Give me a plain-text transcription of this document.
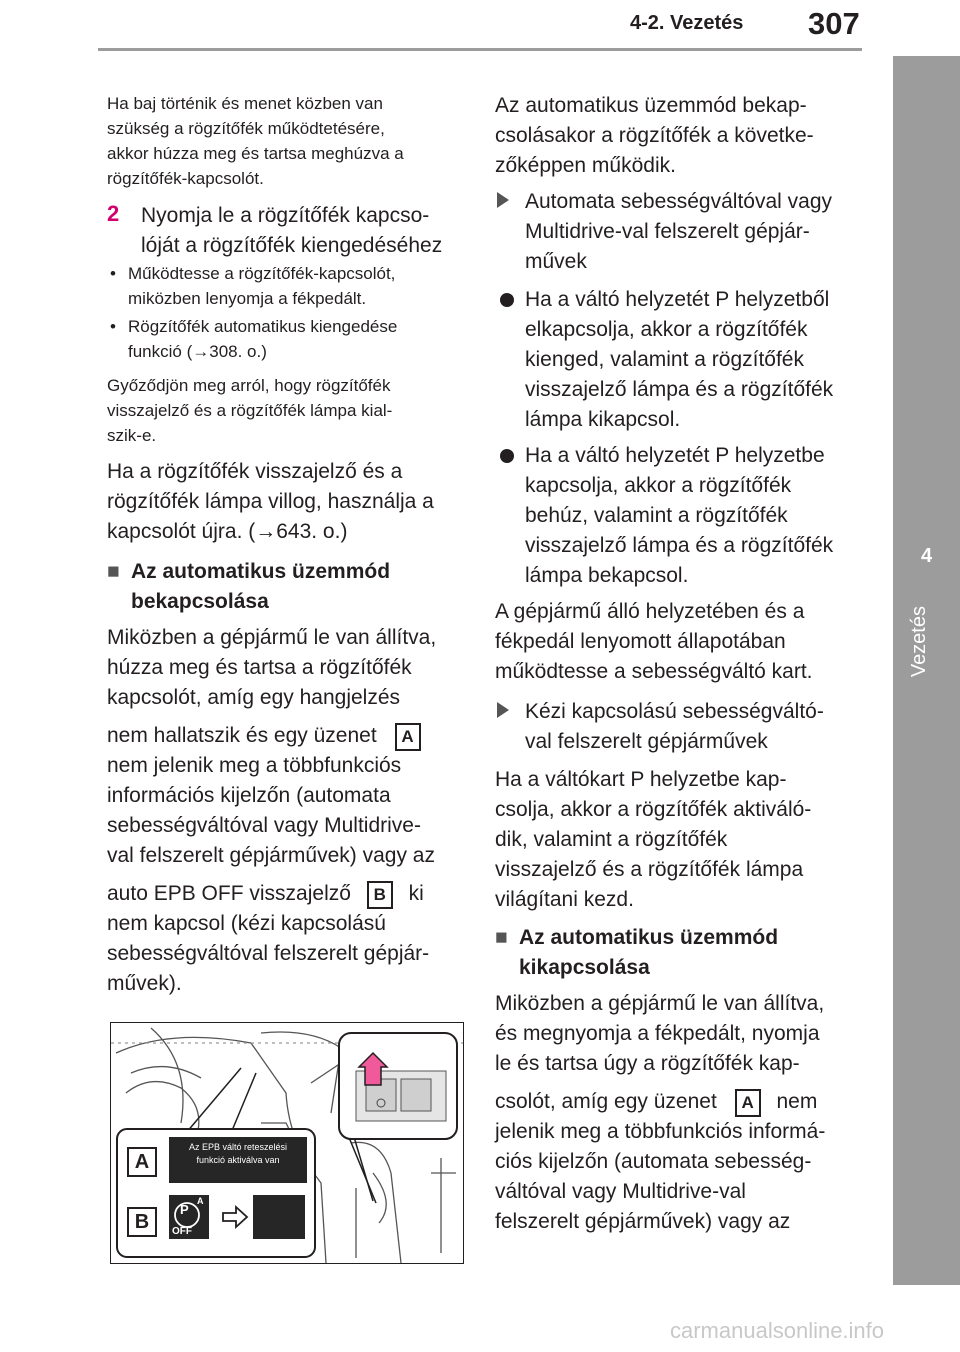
4-2. Vezetés 307
4
Vezetés
Ha baj történik és menet közben van
szükség a rögzítőfék működtetésére,
akkor húzza meg és tartsa meghúzva a
rögzítőfék-kapcsolót.
2 Nyomja le a rögzítőfék kapcso-
lóját a rögzítőfék kiengedéséhez
• Működtesse a rögzítőfék-kapcsolót,
miközben lenyomja a fékpedált.
• Rögzítőfék automatikus kiengedése
funkció (→308. o.)
Győződjön meg arról, hogy rögzítőfék
visszajelző és a rögzítőfék lámpa kial-
szik-e.
Ha a rögzítőfék visszajelző és a
rögzítőfék lámpa villog, használja a
kapcsolót újra. (→643. o.)
■ Az automatikus üzemmód
bekapcsolása
Miközben a gépjármű le van állítva,
húzza meg és tartsa a rögzítőfék
kapcsolót, amíg egy hangjelzés
nem hallatszik és egy üzenet A
nem jelenik meg a többfunkciós
információs kijelzőn (automata
sebességváltóval vagy Multidrive-
val felszerelt gépjárművek) vagy az
auto EPB OFF visszajelző B ki
nem kapcsol (kézi kapcsolású
sebességváltóval felszerelt gépjár-
művek).
Az EPB váltó reteszelési
funkció aktiválva van
P
A
OFF
A
B
Az automatikus üzemmód bekap-
csolásakor a rögzítőfék a követke-
zőképpen működik.
Automata sebességváltóval vagy
Multidrive-val felszerelt gépjár-
művek
Ha a váltó helyzetét P helyzetből
elkapcsolja, akkor a rögzítőfék
kienged, valamint a rögzítőfék
visszajelző lámpa és a rögzítőfék
lámpa kikapcsol.
Ha a váltó helyzetét P helyzetbe
kapcsolja, akkor a rögzítőfék
behúz, valamint a rögzítőfék
visszajelző lámpa és a rögzítőfék
lámpa bekapcsol.
A gépjármű álló helyzetében és a
fékpedál lenyomott állapotában
működtesse a sebességváltó kart.
Kézi kapcsolású sebességváltó-
val felszerelt gépjárművek
Ha a váltókart P helyzetbe kap-
csolja, akkor a rögzítőfék aktiváló-
dik, valamint a rögzítőfék
visszajelző és a rögzítőfék lámpa
világítani kezd.
■ Az automatikus üzemmód
kikapcsolása
Miközben a gépjármű le van állítva,
és megnyomja a fékpedált, nyomja
le és tartsa úgy a rögzítőfék kap-
csolót, amíg egy üzenet A nem
jelenik meg a többfunkciós informá-
ciós kijelzőn (automata sebesség-
váltóval vagy Multidrive-val
felszerelt gépjárművek) vagy az
carmanualsonline.info
